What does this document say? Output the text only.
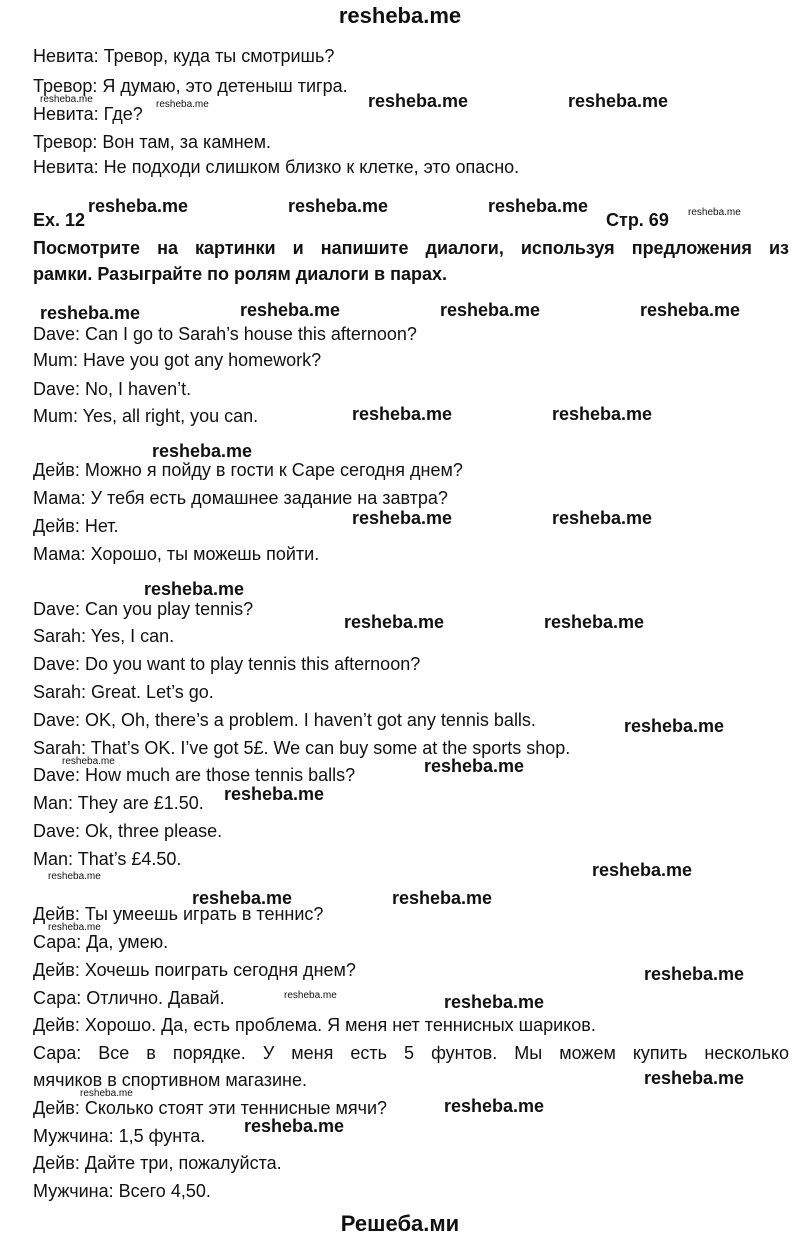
resheba.me
Невита: Тревор, куда ты смотришь?
Тревор: Я думаю, это детеныш тигра.
Невита: Где?
Тревор: Вон там, за камнем.
Невита: Не подходи слишком близко к клетке, это опасно.
Ex. 12	Стр. 69
Посмотрите на картинки и напишите диалоги, используя предложения из
рамки. Разыграйте по ролям диалоги в парах.
Dave: Can I go to Sarah’s house this afternoon?
Mum: Have you got any homework?
Dave: No, I haven’t.
Mum: Yes, all right, you can.
Дейв: Можно я пойду в гости к Саре сегодня днем?
Мама: У тебя есть домашнее задание на завтра?
Дейв: Нет.
Мама: Хорошо, ты можешь пойти.
Dave: Can you play tennis?
Sarah: Yes, I can.
Dave: Do you want to play tennis this afternoon?
Sarah: Great. Let’s go.
Dave: OK, Oh, there’s a problem. I haven’t got any tennis balls.
Sarah: That’s OK. I’ve got 5£. We can buy some at the sports shop.
Dave: How much are those tennis balls?
Man: They are £1.50.
Dave: Ok, three please.
Man: That’s £4.50.
Дейв: Ты умеешь играть в теннис?
Сара: Да, умею.
Дейв: Хочешь поиграть сегодня днем?
Сара: Отлично. Давай.
Дейв: Хорошо. Да, есть проблема. Я меня нет теннисных шариков.
Сара: Все в порядке. У меня есть 5 фунтов. Мы можем купить несколько
мячиков в спортивном магазине.
Дейв: Сколько стоят эти теннисные мячи?
Мужчина: 1,5 фунта.
Дейв: Дайте три, пожалуйста.
Мужчина: Всего 4,50.
resheba.me	resheba.me
resheba.me	resheba.me	resheba.me
resheba.me	resheba.me	resheba.me	resheba.me
resheba.me	resheba.me
resheba.me
resheba.me	resheba.me
resheba.me
resheba.me	resheba.me
resheba.me
resheba.me
resheba.me
resheba.me
resheba.me	resheba.me
resheba.me
resheba.me
resheba.me
resheba.me
resheba.me
resheba.me	resheba.me
resheba.me
resheba.me
resheba.me
resheba.me
resheba.me
resheba.me
Решеба.ми
